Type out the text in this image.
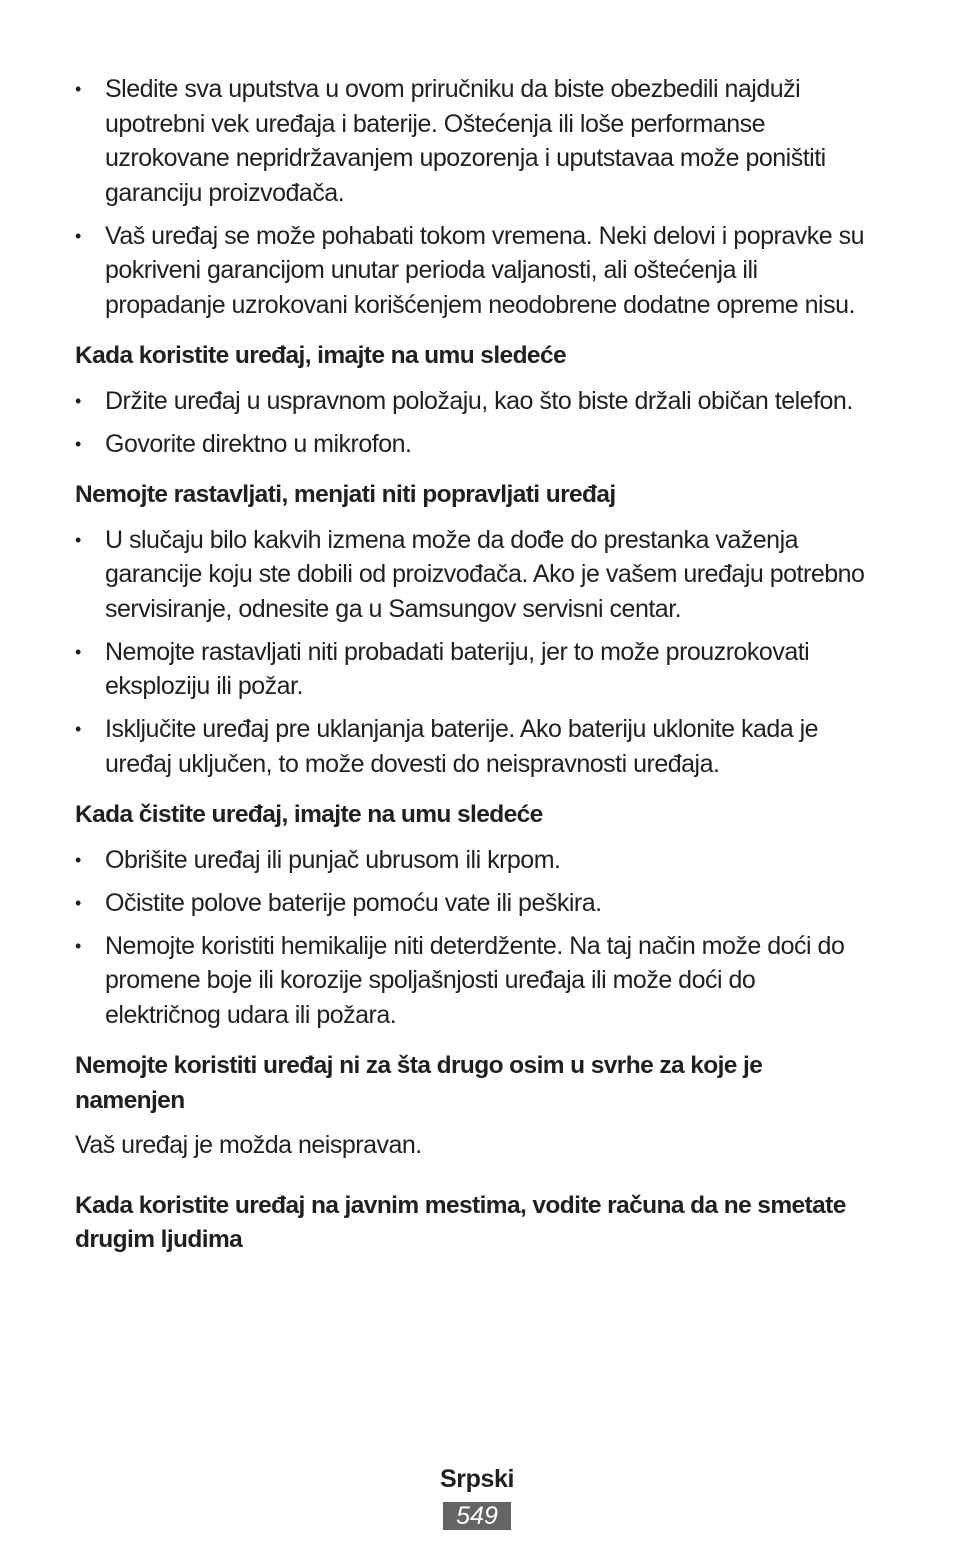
• Sledite sva uputstva u ovom priručniku da biste obezbedili najduži upotrebni vek uređaja i baterije. Oštećenja ili loše performanse uzrokovane nepridržavanjem upozorenja i uputstavaa može poništiti garanciju proizvođača.
• Vaš uređaj se može pohabati tokom vremena. Neki delovi i popravke su pokriveni garancijom unutar perioda valjanosti, ali oštećenja ili propadanje uzrokovani korišćenjem neodobrene dodatne opreme nisu.
Kada koristite uređaj, imajte na umu sledeće
• Držite uređaj u uspravnom položaju, kao što biste držali običan telefon.
• Govorite direktno u mikrofon.
Nemojte rastavljati, menjati niti popravljati uređaj
• U slučaju bilo kakvih izmena može da dođe do prestanka važenja garancije koju ste dobili od proizvođača. Ako je vašem uređaju potrebno servisiranje, odnesite ga u Samsungov servisni centar.
• Nemojte rastavljati niti probadati bateriju, jer to može prouzrokovati eksploziju ili požar.
• Isključite uređaj pre uklanjanja baterije. Ako bateriju uklonite kada je uređaj uključen, to može dovesti do neispravnosti uređaja.
Kada čistite uređaj, imajte na umu sledeće
• Obrišite uređaj ili punjač ubrusom ili krpom.
• Očistite polove baterije pomoću vate ili peškira.
• Nemojte koristiti hemikalije niti deterdžente. Na taj način može doći do promene boje ili korozije spoljašnjosti uređaja ili može doći do električnog udara ili požara.
Nemojte koristiti uređaj ni za šta drugo osim u svrhe za koje je namenjen

Vaš uređaj je možda neispravan.

Kada koristite uređaj na javnim mestima, vodite računa da ne smetate drugim ljudima
Srpski
549
